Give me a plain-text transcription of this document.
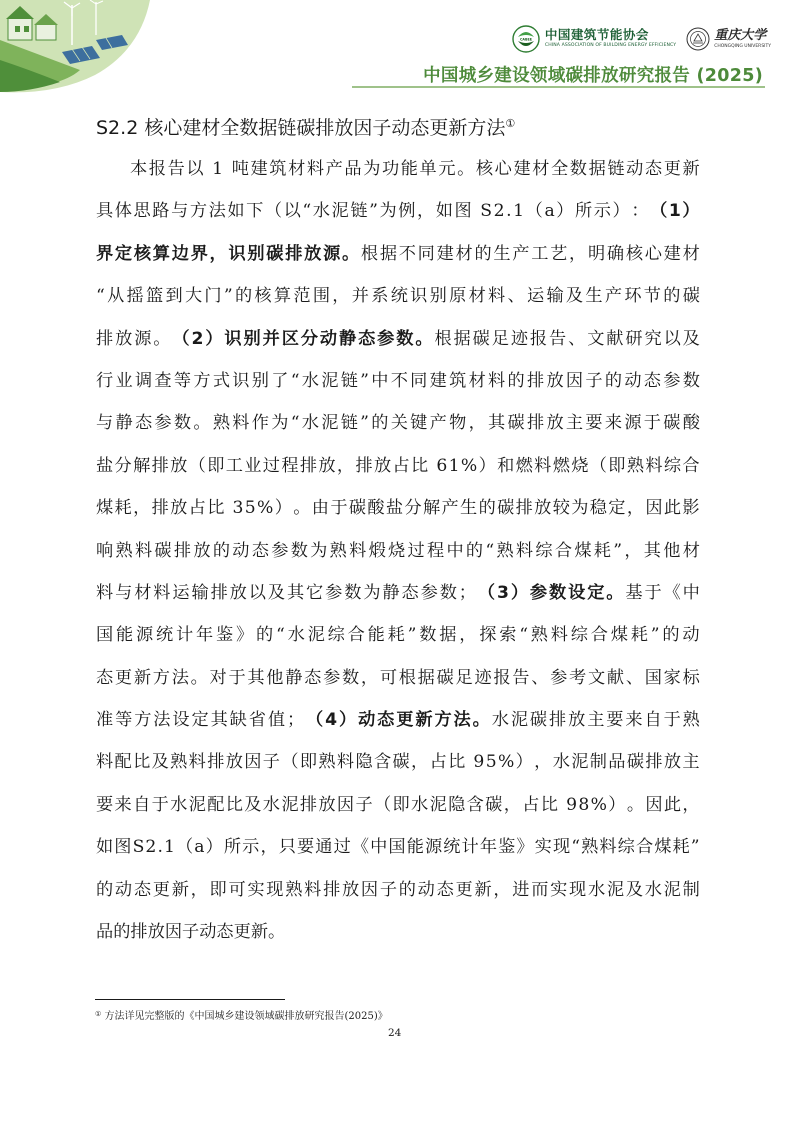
CABEE 中国建筑节能协会
CHINA ASSOCIATION OF BUILDING ENERGY EFFICIENCY
重庆大学
CHONGQING UNIVERSITY
中国城乡建设领域碳排放研究报告 (2025)
S2.2 核心建材全数据链碳排放因子动态更新方法①
本 报 告 以
1
吨 建 筑 材 料 产 品 为 功 能 单 元 。 核 心 建 材 全 数 据 链 动 态 更 新
具 体 思 路 与 方 法 如 下 （ 以 “ 水 泥 链 ” 为 例 ， 如 图
S 2 . 1 （ a ） 所 示 ） ： （ 1 ）
界 定 核 算 边 界 ， 识 别 碳 排 放 源 。 根 据 不 同 建 材 的 生 产 工 艺 ， 明 确 核 心 建 材
“ 从 摇 篮 到 大 门 ” 的 核 算 范 围 ， 并 系 统 识 别 原 材 料 、 运 输 及 生 产 环 节 的 碳
排 放 源 。 （ 2 ） 识 别 并 区 分 动 静 态 参 数 。 根 据 碳 足 迹 报 告 、 文 献 研 究 以 及
行 业 调 查 等 方 式 识 别 了 “ 水 泥 链 ” 中 不 同 建 筑 材 料 的 排 放 因 子 的 动 态 参 数
与 静 态 参 数 。 熟 料 作 为 “ 水 泥 链 ” 的 关 键 产 物 ， 其 碳 排 放 主 要 来 源 于 碳 酸
盐 分 解 排 放 （ 即 工 业 过 程 排 放 ， 排 放 占 比
6 1 % ） 和 燃 料 燃 烧 （ 即 熟 料 综 合
煤 耗 ， 排 放 占 比
3 5 % ） 。 由 于 碳 酸 盐 分 解 产 生 的 碳 排 放 较 为 稳 定 ， 因 此 影
响 熟 料 碳 排 放 的 动 态 参 数 为 熟 料 煅 烧 过 程 中 的 “ 熟 料 综 合 煤 耗 ” ， 其 他 材
料 与 材 料 运 输 排 放 以 及 其 它 参 数 为 静 态 参 数 ； （ 3 ） 参 数 设 定 。 基 于 《 中
国 能 源 统 计 年 鉴 》 的 “ 水 泥 综 合 能 耗 ” 数 据 ， 探 索 “ 熟 料 综 合 煤 耗 ” 的 动
态 更 新 方 法 。 对 于 其 他 静 态 参 数 ， 可 根 据 碳 足 迹 报 告 、 参 考 文 献 、 国 家 标
准 等 方 法 设 定 其 缺 省 值 ； （ 4 ） 动 态 更 新 方 法 。 水 泥 碳 排 放 主 要 来 自 于 熟
料 配 比 及 熟 料 排 放 因 子 （ 即 熟 料 隐 含 碳 ， 占 比
9 5 % ） ， 水 泥 制 品 碳 排 放 主
要 来 自 于 水 泥 配 比 及 水 泥 排 放 因 子 （ 即 水 泥 隐 含 碳 ， 占 比
9 8 % ） 。 因 此 ，
如 图 S 2 . 1 （ a ） 所 示 ， 只 要 通 过 《 中 国 能 源 统 计 年 鉴 》 实 现 “ 熟 料 综 合 煤 耗 ”
的 动 态 更 新 ， 即 可 实 现 熟 料 排 放 因 子 的 动 态 更 新 ， 进 而 实 现 水 泥 及 水 泥 制
品 的 排 放 因 子 动 态 更 新 。
① 方法详见完整版的《中国城乡建设领域碳排放研究报告(2025)》
24
